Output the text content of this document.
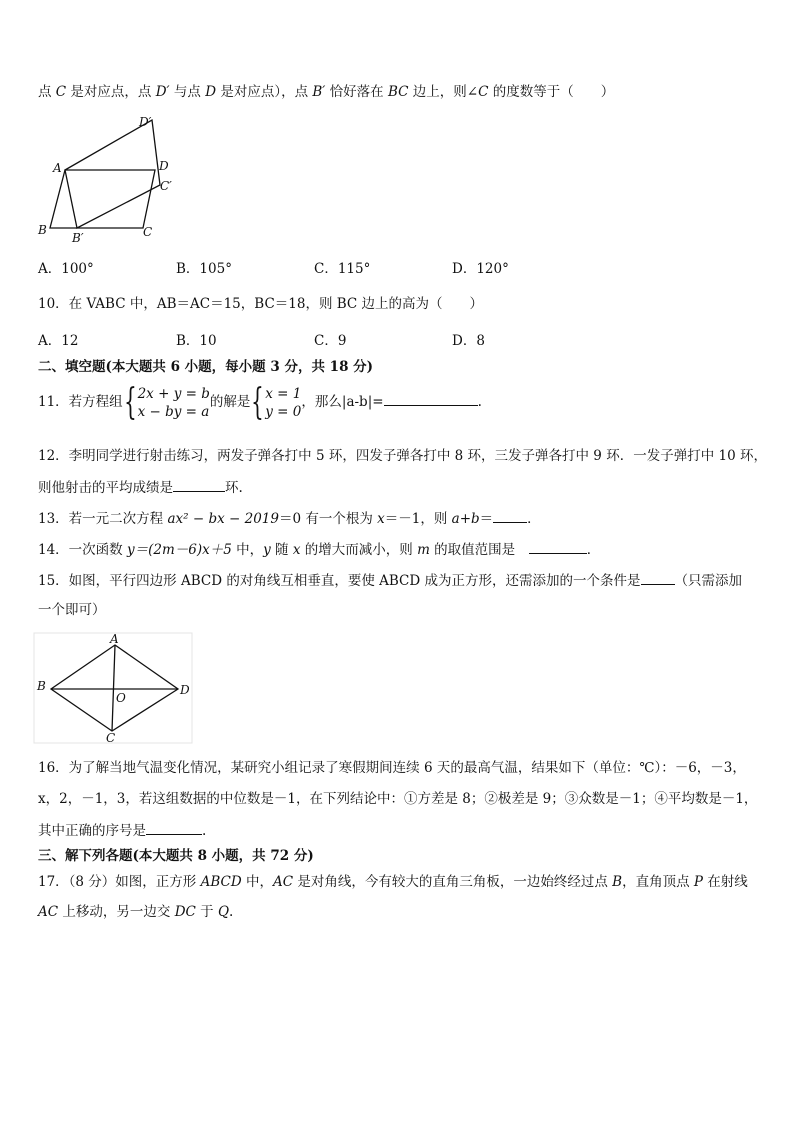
点 C 是对应点，点 D′ 与点 D 是对应点），点 B′ 恰好落在 BC 边上，则∠C 的度数等于（　　）
A
B
B′	C
C′
D
D′
A．100°	B．105°	C．115°	D．120°
10．在 VABC 中，AB＝AC＝15，BC＝18，则 BC 边上的高为（　　）
A．12	B．10	C．9	D．8
二、填空题(本大题共 6 小题，每小题 3 分，共 18 分)
11．若方程组{2x + y = b
x − by = a的解是{x = 1
y = 0，那么|a-b|=	.
12．李明同学进行射击练习，两发子弹各打中 5 环，四发子弹各打中 8 环，三发子弹各打中 9 环．一发子弹打中 10 环，
则他射击的平均成绩是	环.
13．若一元二次方程 ax² − bx − 2019＝0 有一个根为 x＝－1，则 a+b＝	．
14．一次函数 y＝(2m－6)x＋5 中，y 随 x 的增大而减小，则 m 的取值范围是　	．
15．如图，平行四边形 ABCD 的对角线互相垂直，要使 ABCD 成为正方形，还需添加的一个条件是	（只需添加
一个即可）
A
B
C
D
O
16．为了解当地气温变化情况，某研究小组记录了寒假期间连续 6 天的最高气温，结果如下（单位：℃）：－6，－3，
x，2，－1，3，若这组数据的中位数是－1，在下列结论中：①方差是 8；②极差是 9；③众数是－1；④平均数是－1，
其中正确的序号是	.
三、解下列各题(本大题共 8 小题，共 72 分)
17．（8 分）如图，正方形 ABCD 中，AC 是对角线，今有较大的直角三角板，一边始终经过点 B，直角顶点 P 在射线
AC 上移动，另一边交 DC 于 Q.
